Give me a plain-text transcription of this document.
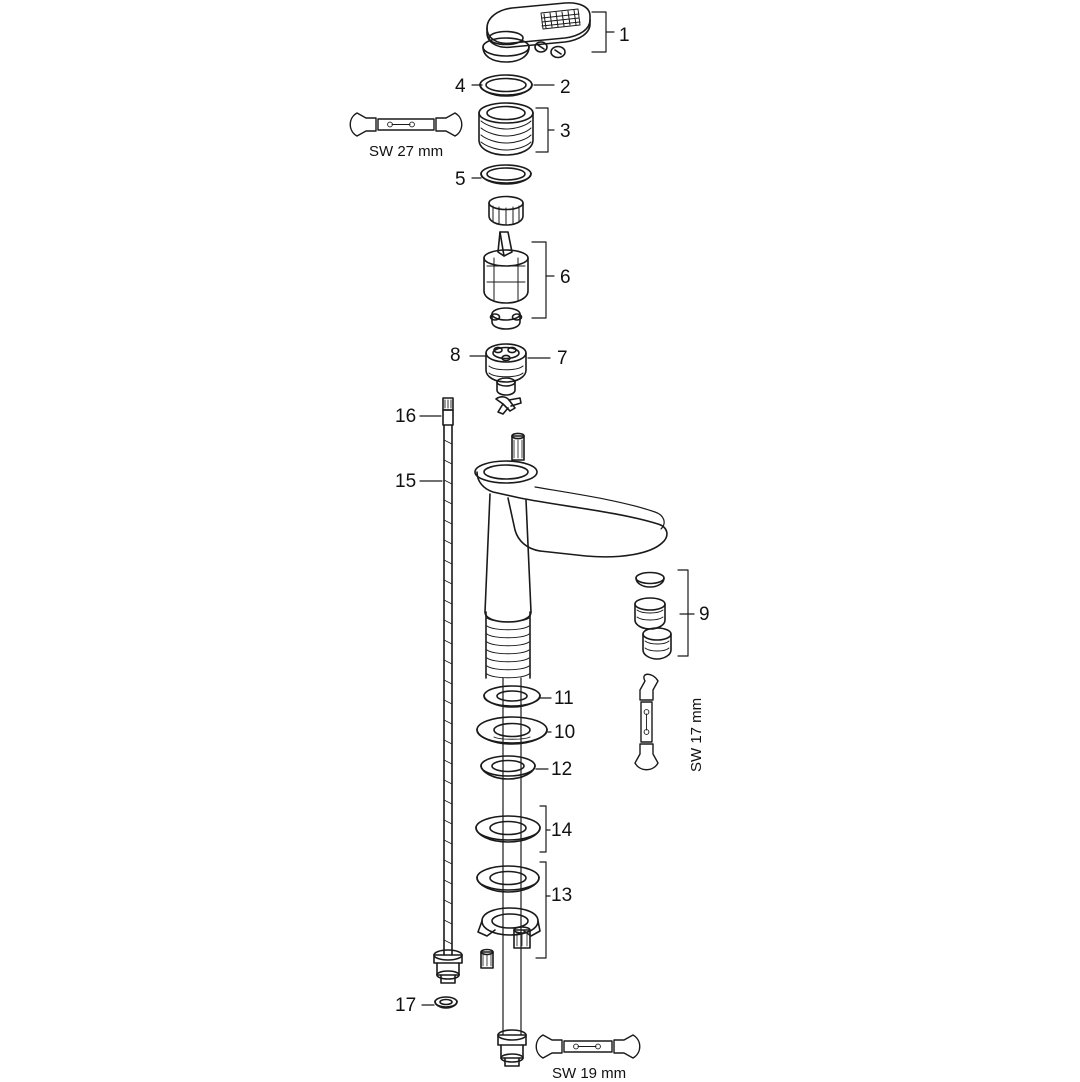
1
2
3
4
5
6
7
8
9
10
11
12
13
14
15
16
17
SW 27 mm
SW 17 mm
SW 19 mm
